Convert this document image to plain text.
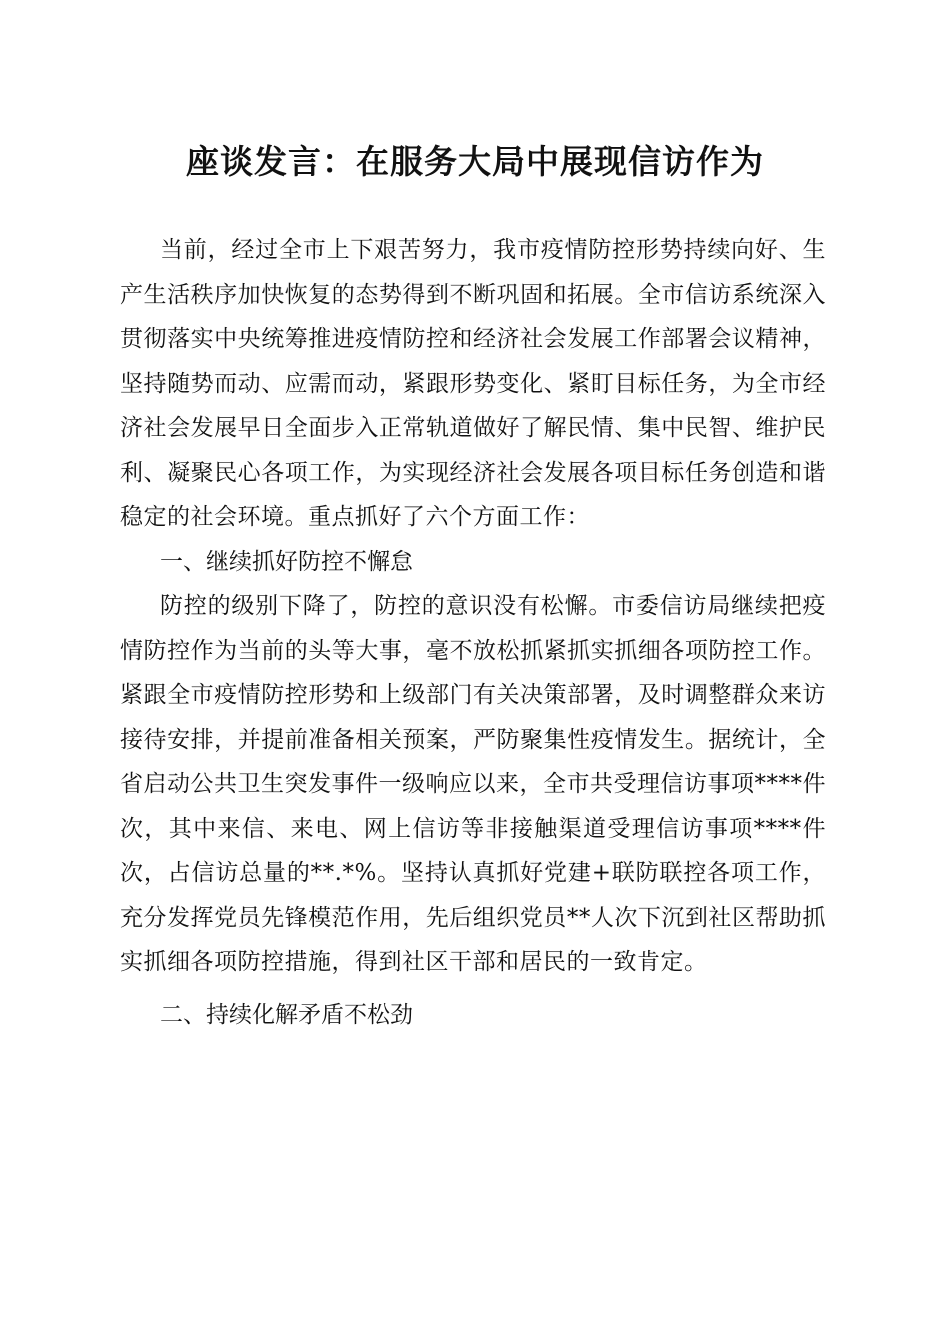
座谈发言：在服务大局中展现信访作为

当前，经过全市上下艰苦努力，我市疫情防控形势持续向好、生产生活秩序加快恢复的态势得到不断巩固和拓展。全市信访系统深入贯彻落实中央统筹推进疫情防控和经济社会发展工作部署会议精神，坚持随势而动、应需而动，紧跟形势变化、紧盯目标任务，为全市经济社会发展早日全面步入正常轨道做好了解民情、集中民智、维护民利、凝聚民心各项工作，为实现经济社会发展各项目标任务创造和谐稳定的社会环境。重点抓好了六个方面工作：

一、继续抓好防控不懈怠

防控的级别下降了，防控的意识没有松懈。市委信访局继续把疫情防控作为当前的头等大事，毫不放松抓紧抓实抓细各项防控工作。紧跟全市疫情防控形势和上级部门有关决策部署，及时调整群众来访接待安排，并提前准备相关预案，严防聚集性疫情发生。据统计，全省启动公共卫生突发事件一级响应以来，全市共受理信访事项****件次，其中来信、来电、网上信访等非接触渠道受理信访事项****件次，占信访总量的**.*%。坚持认真抓好党建+联防联控各项工作，充分发挥党员先锋模范作用，先后组织党员**人次下沉到社区帮助抓实抓细各项防控措施，得到社区干部和居民的一致肯定。

二、持续化解矛盾不松劲
